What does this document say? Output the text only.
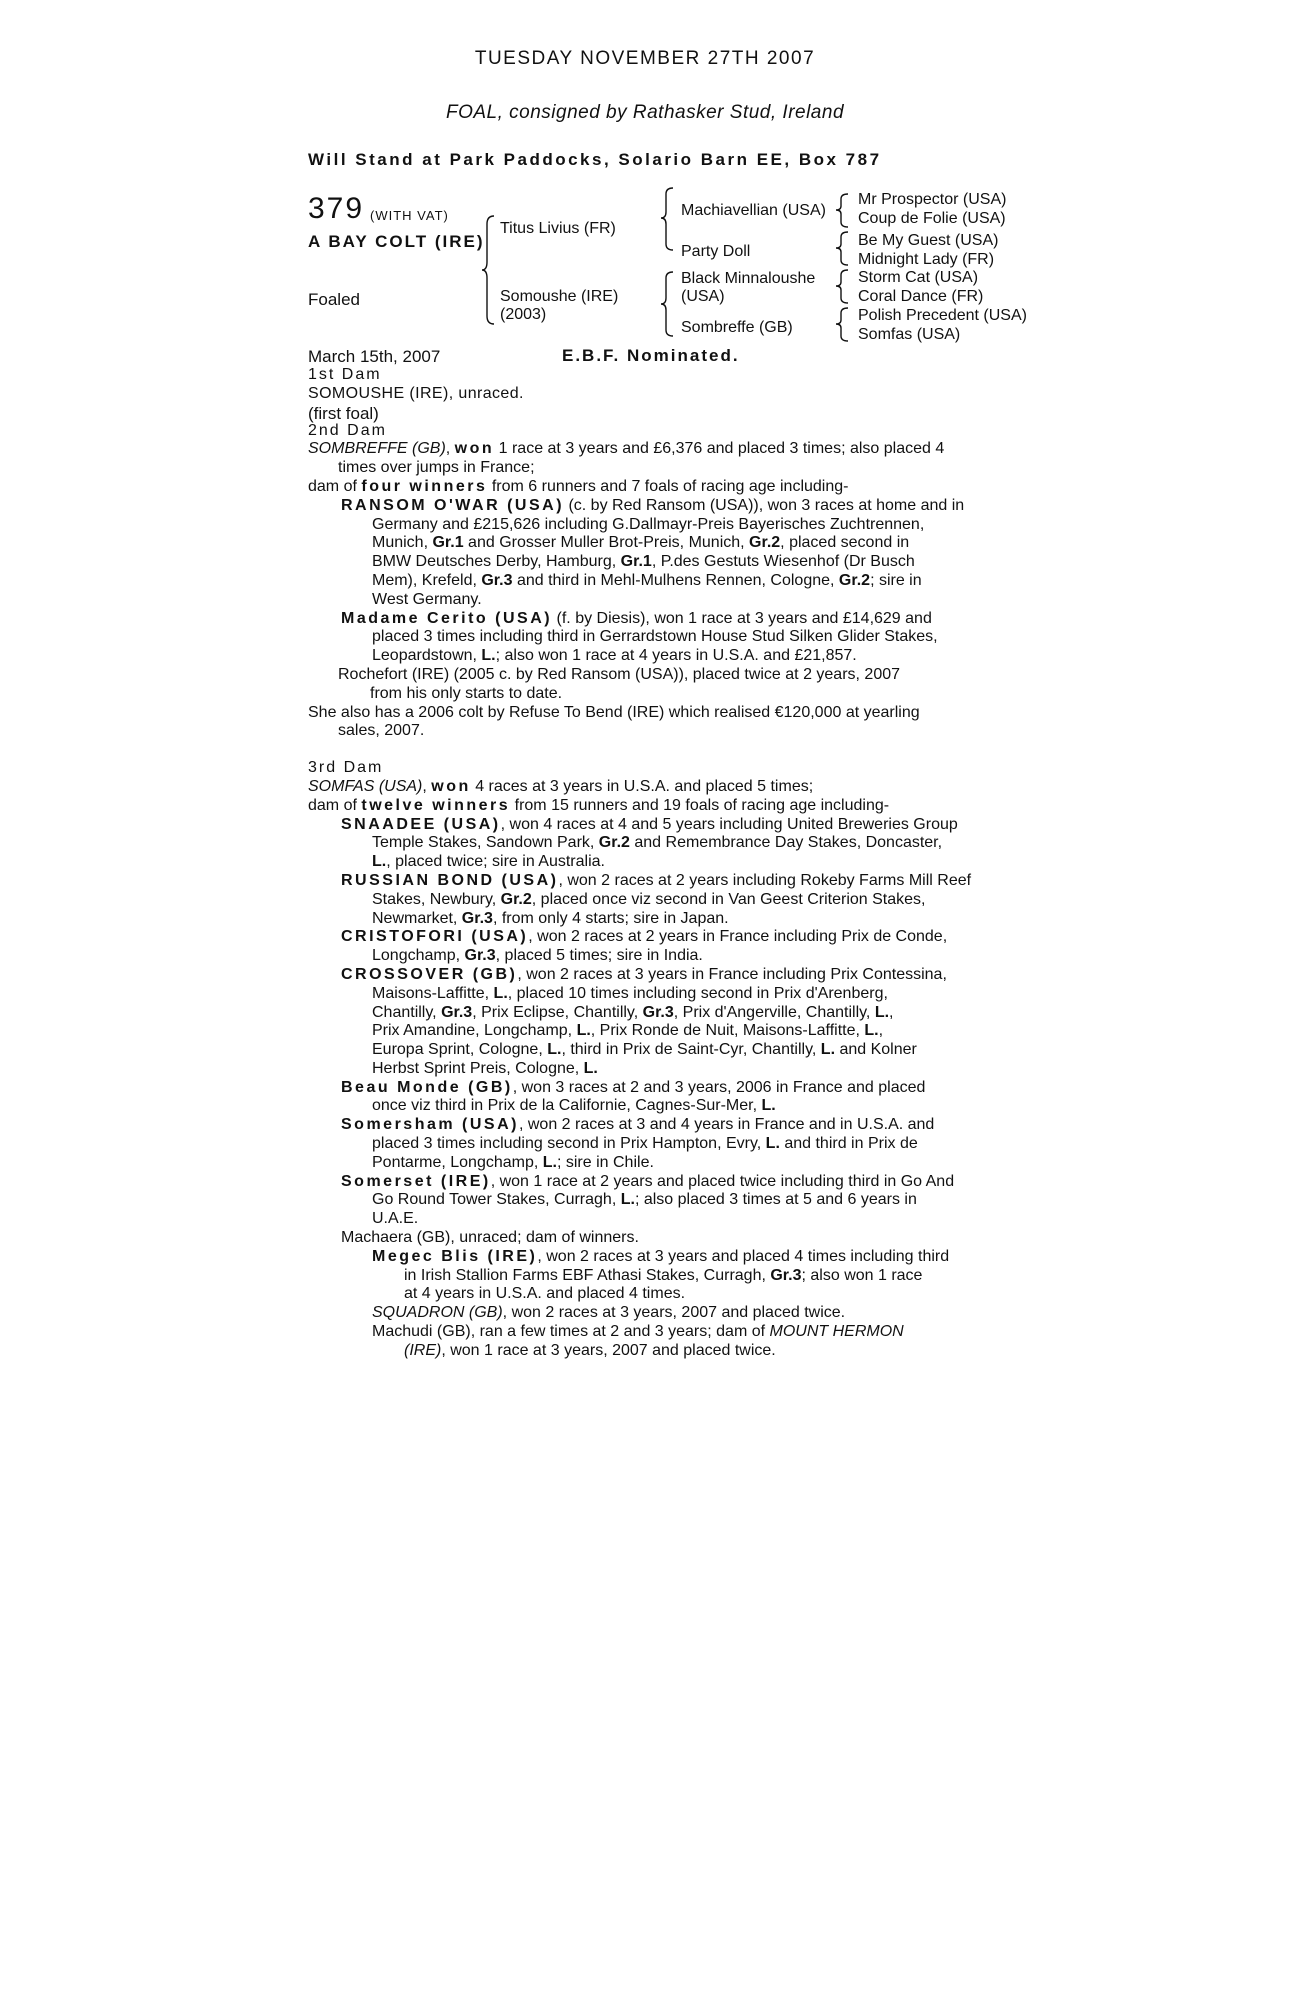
TUESDAY NOVEMBER 27TH 2007
FOAL, consigned by Rathasker Stud, Ireland
Will Stand at Park Paddocks, Solario Barn EE, Box 787
379 (WITH VAT)
A BAY COLT (IRE)

Foaled

March 15th, 2007

(first foal)

Titus Livius (FR)
Somoushe (IRE)
(2003)
Machiavellian (USA)
Party Doll
Black Minnaloushe
(USA)
Sombreffe (GB)
Mr Prospector (USA)
Coup de Folie (USA)
Be My Guest (USA)
Midnight Lady (FR)
Storm Cat (USA)
Coral Dance (FR)
Polish Precedent (USA)
Somfas (USA)
E.B.F. Nominated.
1st Dam
SOMOUSHE (IRE), unraced.
2nd Dam
SOMBREFFE (GB), won 1 race at 3 years and £6,376 and placed 3 times; also placed 4
times over jumps in France;
dam of four winners from 6 runners and 7 foals of racing age including-
RANSOM O'WAR (USA) (c. by Red Ransom (USA)), won 3 races at home and in
Germany and £215,626 including G.Dallmayr-Preis Bayerisches Zuchtrennen,
Munich, Gr.1 and Grosser Muller Brot-Preis, Munich, Gr.2, placed second in
BMW Deutsches Derby, Hamburg, Gr.1, P.des Gestuts Wiesenhof (Dr Busch
Mem), Krefeld, Gr.3 and third in Mehl-Mulhens Rennen, Cologne, Gr.2; sire in
West Germany.
Madame Cerito (USA) (f. by Diesis), won 1 race at 3 years and £14,629 and
placed 3 times including third in Gerrardstown House Stud Silken Glider Stakes,
Leopardstown, L.; also won 1 race at 4 years in U.S.A. and £21,857.
Rochefort (IRE) (2005 c. by Red Ransom (USA)), placed twice at 2 years, 2007
from his only starts to date.
She also has a 2006 colt by Refuse To Bend (IRE) which realised €120,000 at yearling
sales, 2007.
3rd Dam
SOMFAS (USA), won 4 races at 3 years in U.S.A. and placed 5 times;
dam of twelve winners from 15 runners and 19 foals of racing age including-
SNAADEE (USA), won 4 races at 4 and 5 years including United Breweries Group
Temple Stakes, Sandown Park, Gr.2 and Remembrance Day Stakes, Doncaster,
L., placed twice; sire in Australia.
RUSSIAN BOND (USA), won 2 races at 2 years including Rokeby Farms Mill Reef
Stakes, Newbury, Gr.2, placed once viz second in Van Geest Criterion Stakes,
Newmarket, Gr.3, from only 4 starts; sire in Japan.
CRISTOFORI (USA), won 2 races at 2 years in France including Prix de Conde,
Longchamp, Gr.3, placed 5 times; sire in India.
CROSSOVER (GB), won 2 races at 3 years in France including Prix Contessina,
Maisons-Laffitte, L., placed 10 times including second in Prix d'Arenberg,
Chantilly, Gr.3, Prix Eclipse, Chantilly, Gr.3, Prix d'Angerville, Chantilly, L.,
Prix Amandine, Longchamp, L., Prix Ronde de Nuit, Maisons-Laffitte, L.,
Europa Sprint, Cologne, L., third in Prix de Saint-Cyr, Chantilly, L. and Kolner
Herbst Sprint Preis, Cologne, L.
Beau Monde (GB), won 3 races at 2 and 3 years, 2006 in France and placed
once viz third in Prix de la Californie, Cagnes-Sur-Mer, L.
Somersham (USA), won 2 races at 3 and 4 years in France and in U.S.A. and
placed 3 times including second in Prix Hampton, Evry, L. and third in Prix de
Pontarme, Longchamp, L.; sire in Chile.
Somerset (IRE), won 1 race at 2 years and placed twice including third in Go And
Go Round Tower Stakes, Curragh, L.; also placed 3 times at 5 and 6 years in
U.A.E.
Machaera (GB), unraced; dam of winners.
Megec Blis (IRE), won 2 races at 3 years and placed 4 times including third
in Irish Stallion Farms EBF Athasi Stakes, Curragh, Gr.3; also won 1 race
at 4 years in U.S.A. and placed 4 times.
SQUADRON (GB), won 2 races at 3 years, 2007 and placed twice.
Machudi (GB), ran a few times at 2 and 3 years; dam of MOUNT HERMON
(IRE), won 1 race at 3 years, 2007 and placed twice.
